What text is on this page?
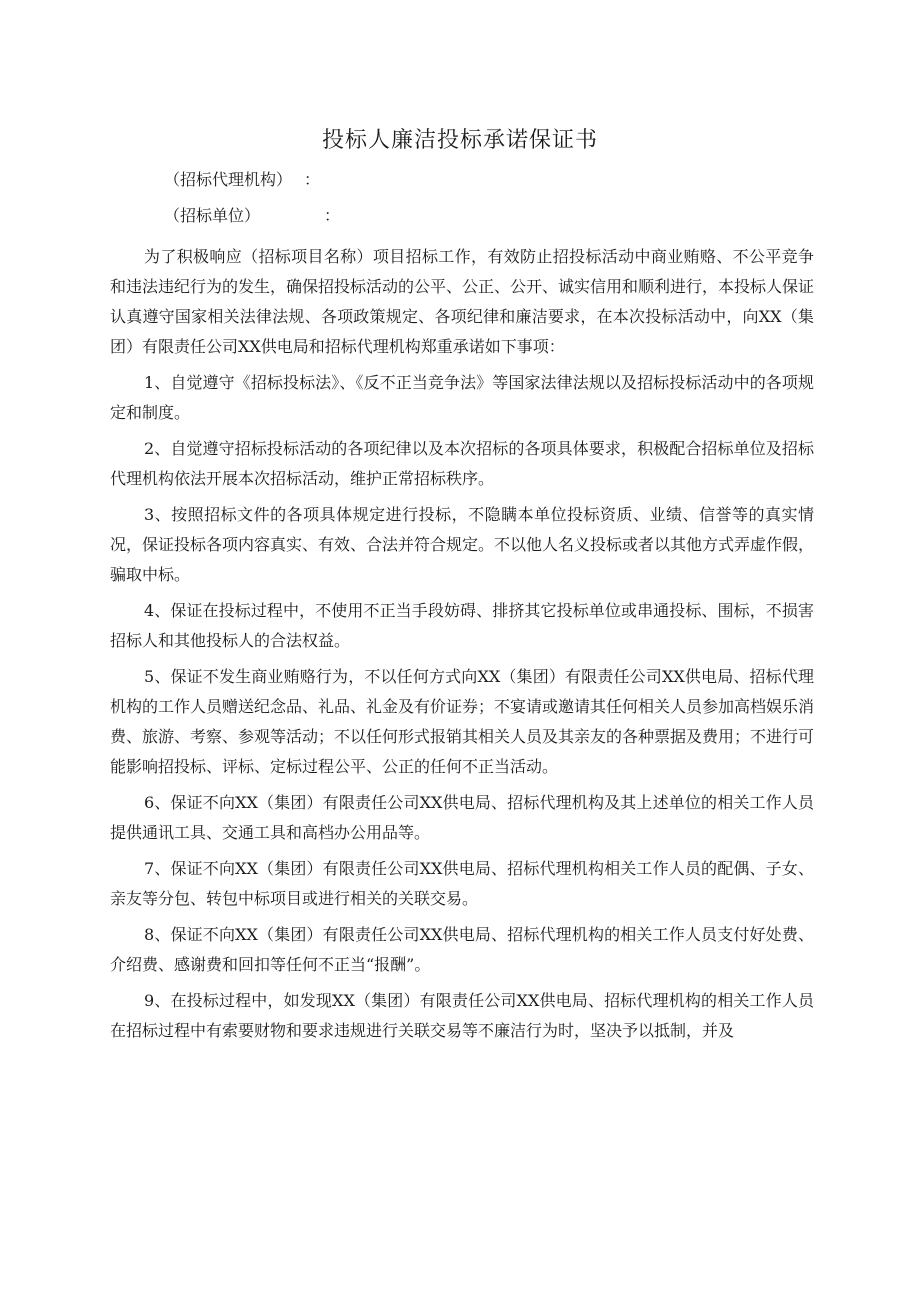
投标人廉洁投标承诺保证书
（招标代理机构） ：
（招标单位）	：

为了积极响应（招标项目名称）项目招标工作，有效防止招投标活动中商业贿赂、不公平竞争和违法违纪行为的发生，确保招投标活动的公平、公正、公开、诚实信用和顺利进行，本投标人保证认真遵守国家相关法律法规、各项政策规定、各项纪律和廉洁要求，在本次投标活动中，向XX（集团）有限责任公司XX供电局和招标代理机构郑重承诺如下事项：

1、自觉遵守《招标投标法》、《反不正当竞争法》等国家法律法规以及招标投标活动中的各项规定和制度。

2、自觉遵守招标投标活动的各项纪律以及本次招标的各项具体要求，积极配合招标单位及招标代理机构依法开展本次招标活动，维护正常招标秩序。

3、按照招标文件的各项具体规定进行投标，不隐瞒本单位投标资质、业绩、信誉等的真实情况，保证投标各项内容真实、有效、合法并符合规定。不以他人名义投标或者以其他方式弄虚作假，骗取中标。

4、保证在投标过程中，不使用不正当手段妨碍、排挤其它投标单位或串通投标、围标，不损害招标人和其他投标人的合法权益。

5、保证不发生商业贿赂行为，不以任何方式向XX（集团）有限责任公司XX供电局、招标代理机构的工作人员赠送纪念品、礼品、礼金及有价证券；不宴请或邀请其任何相关人员参加高档娱乐消费、旅游、考察、参观等活动；不以任何形式报销其相关人员及其亲友的各种票据及费用；不进行可能影响招投标、评标、定标过程公平、公正的任何不正当活动。

6、保证不向XX（集团）有限责任公司XX供电局、招标代理机构及其上述单位的相关工作人员提供通讯工具、交通工具和高档办公用品等。

7、保证不向XX（集团）有限责任公司XX供电局、招标代理机构相关工作人员的配偶、子女、亲友等分包、转包中标项目或进行相关的关联交易。

8、保证不向XX（集团）有限责任公司XX供电局、招标代理机构的相关工作人员支付好处费、介绍费、感谢费和回扣等任何不正当“报酬”。

9、在投标过程中，如发现XX（集团）有限责任公司XX供电局、招标代理机构的相关工作人员在招标过程中有索要财物和要求违规进行关联交易等不廉洁行为时，坚决予以抵制，并及
